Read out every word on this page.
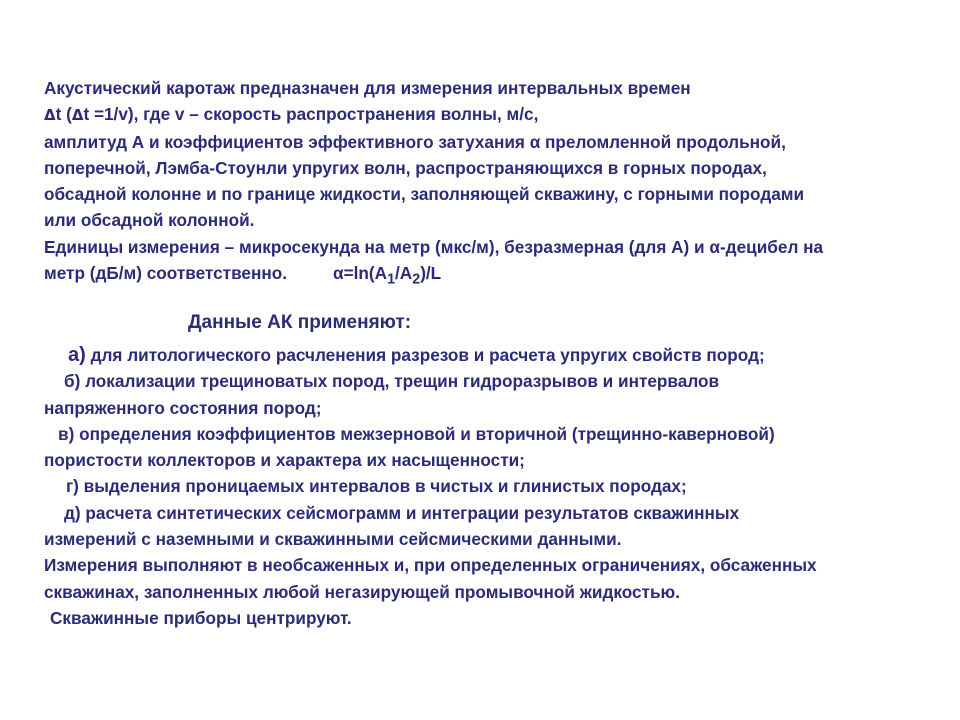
Акустический каротаж предназначен для измерения интервальных времен
Δt (Δt =1/v), где v – скорость распространения волны, м/с,
амплитуд А и коэффициентов эффективного затухания α преломленной продольной,
поперечной, Лэмба-Стоунли упругих волн, распространяющихся в горных породах,
обсадной колонне и по границе жидкости, заполняющей скважину, с горными породами
или обсадной колонной.
Единицы измерения – микросекунда на метр (мкс/м), безразмерная (для А) и α-децибел на
метр (дБ/м) соответственно.	$\alpha=\ln(A_1/A_2)/L$
Данные АК применяют:
а) для литологического расчленения разрезов и расчета упругих свойств пород;
б) локализации трещиноватых пород, трещин гидроразрывов и интервалов
напряженного состояния пород;
в) определения коэффициентов межзерновой и вторичной (трещинно-каверновой)
пористости коллекторов и характера их насыщенности;
г) выделения проницаемых интервалов в чистых и глинистых породах;
д) расчета синтетических сейсмограмм и интеграции результатов скважинных
измерений с наземными и скважинными сейсмическими данными.
Измерения выполняют в необсаженных и, при определенных ограничениях, обсаженных
скважинах, заполненных любой негазирующей промывочной жидкостью.
Скважинные приборы центрируют.
